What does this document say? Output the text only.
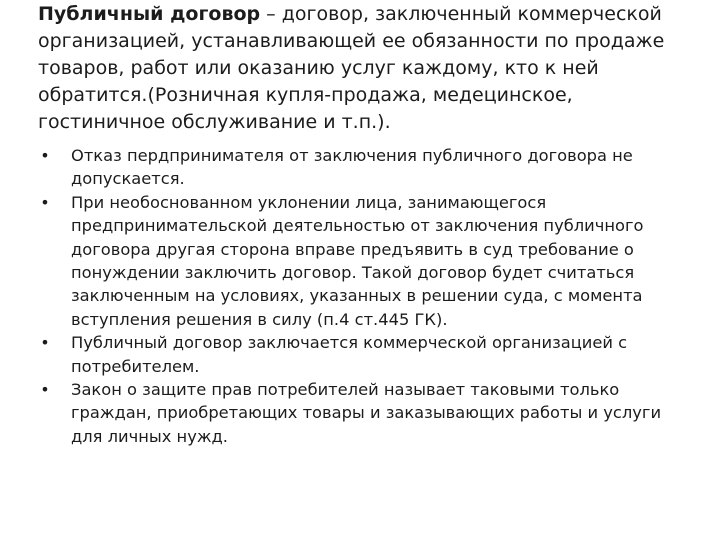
Публичный договор – договор, заключенный коммерческой организацией, устанавливающей ее обязанности по продаже товаров, работ или оказанию услуг каждому, кто к ней обратится.(Розничная купля-продажа, медецинское, гостиничное обслуживание и т.п.).

• Отказ пердпринимателя от заключения публичного договора не допускается.
• При необоснованном уклонении лица, занимающегося предпринимательской деятельностью от заключения публичного договора другая сторона вправе предъявить в суд требование о понуждении заключить договор. Такой договор будет считаться заключенным на условиях, указанных в решении суда, с момента вступления решения в силу (п.4 ст.445 ГК).
• Публичный договор заключается коммерческой организацией с потребителем.
• Закон о защите прав потребителей называет таковыми только граждан, приобретающих товары и заказывающих работы и услуги для личных нужд.
